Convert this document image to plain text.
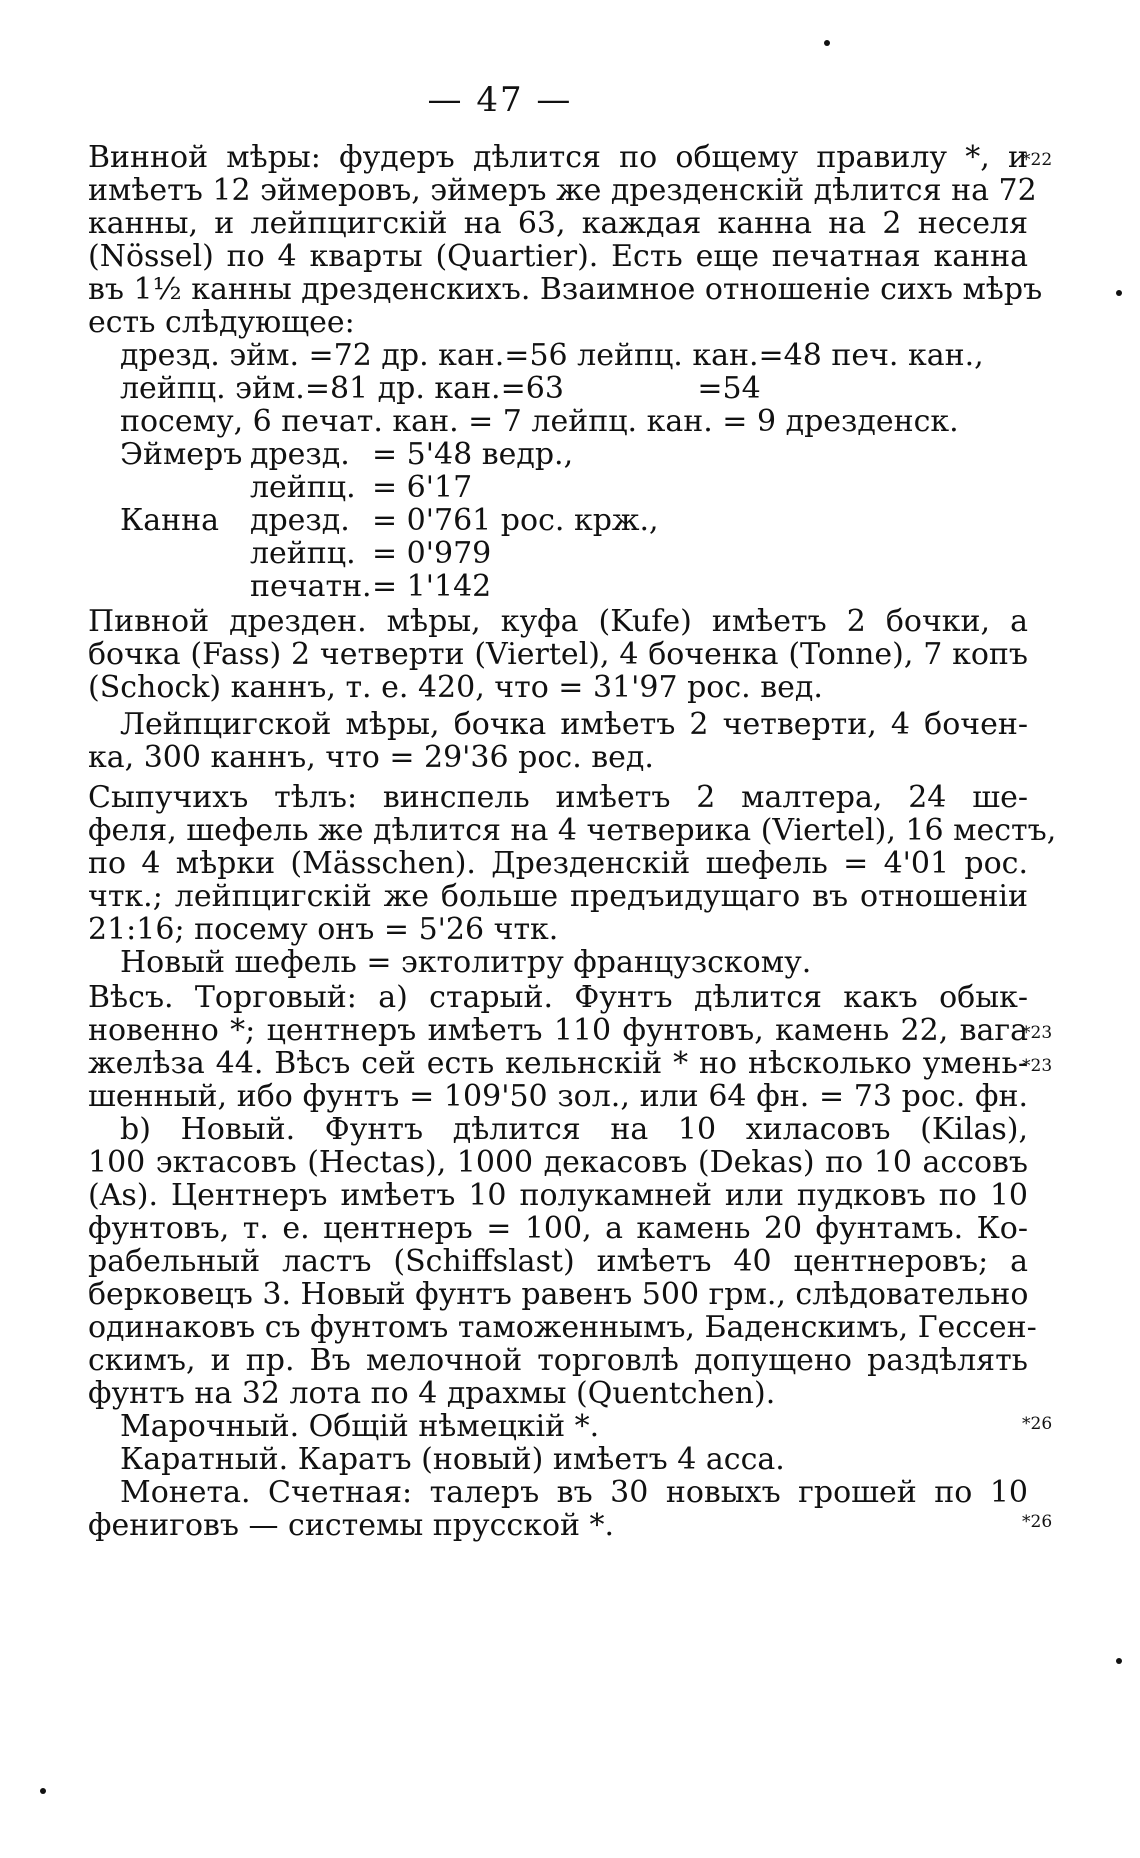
— 47 —
Винной мѣры: фудеръ дѣлится по общему правилу *, и
*22
имѣетъ 12 эймеровъ, эймеръ же дрезденскій дѣлится на 72
канны, и лейпцигскій на 63, каждая канна на 2 неселя
(Nössel) по 4 кварты (Quartier). Есть еще печатная канна
въ 1½ канны дрезденскихъ. Взаимное отношеніе сихъ мѣръ
есть слѣдующее:
дрезд. эйм. =72 др. кан.=56 лейпц. кан.=48 печ. кан.,
лейпц. эйм.=81 др. кан.=63              =54
посему, 6 печат. кан. = 7 лейпц. кан. = 9 дрезденск.
Эймеръ дрезд. = 5'48 ведр.,
лейпц. = 6'17
Канна дрезд. = 0'761 рос. крж.,
лейпц. = 0'979
печатн. = 1'142
Пивной дрезден. мѣры, куфа (Kufe) имѣетъ 2 бочки, а
бочка (Fass) 2 четверти (Viertel), 4 боченка (Tonne), 7 копъ
(Schock) каннъ, т. е. 420, что = 31'97 рос. вед.
Лейпцигской мѣры, бочка имѣетъ 2 четверти, 4 бочен-
ка, 300 каннъ, что = 29'36 рос. вед.
Сыпучихъ тѣлъ: винспель имѣетъ 2 малтера, 24 ше-
феля, шефель же дѣлится на 4 четверика (Viertel), 16 местъ,
по 4 мѣрки (Mässchen). Дрезденскій шефель = 4'01 рос.
чтк.; лейпцигскій же больше предъидущаго въ отношеніи
21:16; посему онъ = 5'26 чтк.
Новый шефель = эктолитру французскому.
Вѣсъ. Торговый: а) старый. Фунтъ дѣлится какъ обык-
новенно *; центнеръ имѣетъ 110 фунтовъ, камень 22, вага
*23
желѣза 44. Вѣсъ сей есть кельнскій * но нѣсколько умень-
*23
шенный, ибо фунтъ = 109'50 зол., или 64 фн. = 73 рос. фн.
b) Новый. Фунтъ дѣлится на 10 хиласовъ (Kilas),
100 эктасовъ (Hectas), 1000 декасовъ (Dekas) по 10 ассовъ
(As). Центнеръ имѣетъ 10 полукамней или пудковъ по 10
фунтовъ, т. е. центнеръ = 100, а камень 20 фунтамъ. Ко-
рабельный ластъ (Schiffslast) имѣетъ 40 центнеровъ; а
берковецъ 3. Новый фунтъ равенъ 500 грм., слѣдовательно
одинаковъ съ фунтомъ таможеннымъ, Баденскимъ, Гессен-
скимъ, и пр. Въ мелочной торговлѣ допущено раздѣлять
фунтъ на 32 лота по 4 драхмы (Quentchen).
Марочный. Общій нѣмецкій *.	*26
Каратный. Каратъ (новый) имѣетъ 4 асса.
Монета. Счетная: талеръ въ 30 новыхъ грошей по 10
фениговъ — системы прусской *.	*26
